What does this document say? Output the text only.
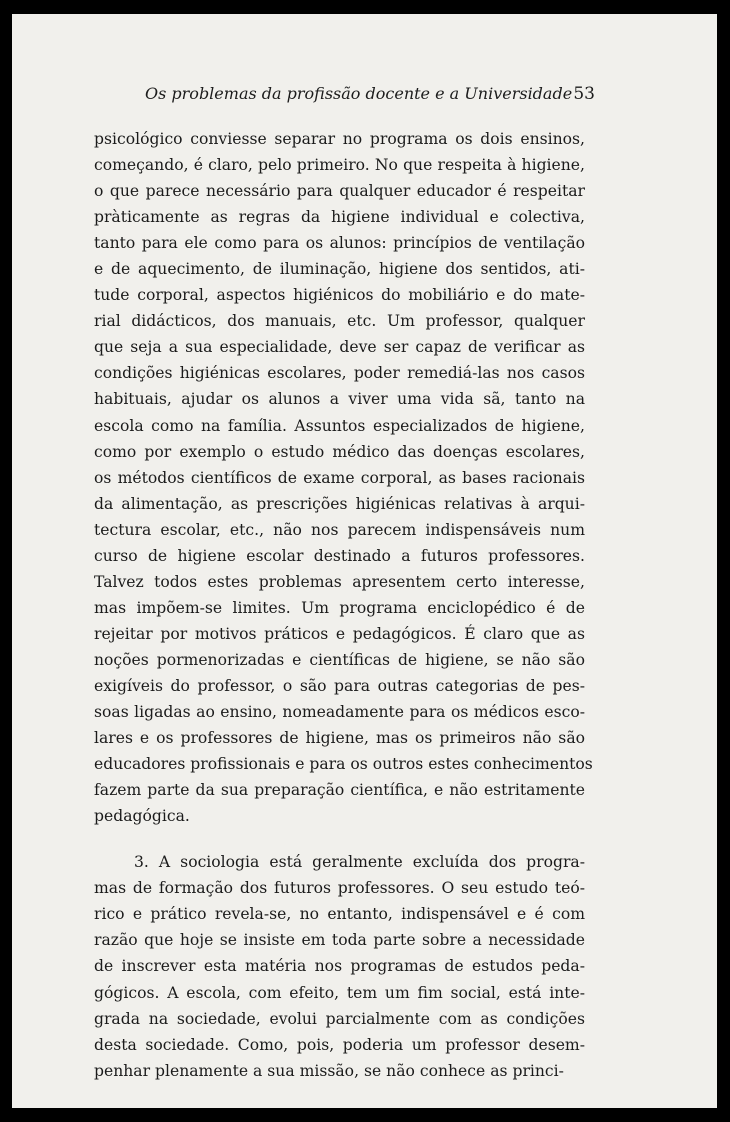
Os problemas da profissão docente e a Universidade 53
psicológico conviesse separar no programa os dois ensinos,
começando, é claro, pelo primeiro. No que respeita à higiene,
o que parece necessário para qualquer educador é respeitar
pràticamente as regras da higiene individual e colectiva,
tanto para ele como para os alunos: princípios de ventilação
e de aquecimento, de iluminação, higiene dos sentidos, ati-
tude corporal, aspectos higiénicos do mobiliário e do mate-
rial didácticos, dos manuais, etc. Um professor, qualquer
que seja a sua especialidade, deve ser capaz de verificar as
condições higiénicas escolares, poder remediá-las nos casos
habituais, ajudar os alunos a viver uma vida sã, tanto na
escola como na família. Assuntos especializados de higiene,
como por exemplo o estudo médico das doenças escolares,
os métodos científicos de exame corporal, as bases racionais
da alimentação, as prescrições higiénicas relativas à arqui-
tectura escolar, etc., não nos parecem indispensáveis num
curso de higiene escolar destinado a futuros professores.
Talvez todos estes problemas apresentem certo interesse,
mas impõem-se limites. Um programa enciclopédico é de
rejeitar por motivos práticos e pedagógicos. É claro que as
noções pormenorizadas e científicas de higiene, se não são
exigíveis do professor, o são para outras categorias de pes-
soas ligadas ao ensino, nomeadamente para os médicos esco-
lares e os professores de higiene, mas os primeiros não são
educadores profissionais e para os outros estes conhecimentos
fazem parte da sua preparação científica, e não estritamente
pedagógica.
3. A sociologia está geralmente excluída dos progra-
mas de formação dos futuros professores. O seu estudo teó-
rico e prático revela-se, no entanto, indispensável e é com
razão que hoje se insiste em toda parte sobre a necessidade
de inscrever esta matéria nos programas de estudos peda-
gógicos. A escola, com efeito, tem um fim social, está inte-
grada na sociedade, evolui parcialmente com as condições
desta sociedade. Como, pois, poderia um professor desem-
penhar plenamente a sua missão, se não conhece as princi-
